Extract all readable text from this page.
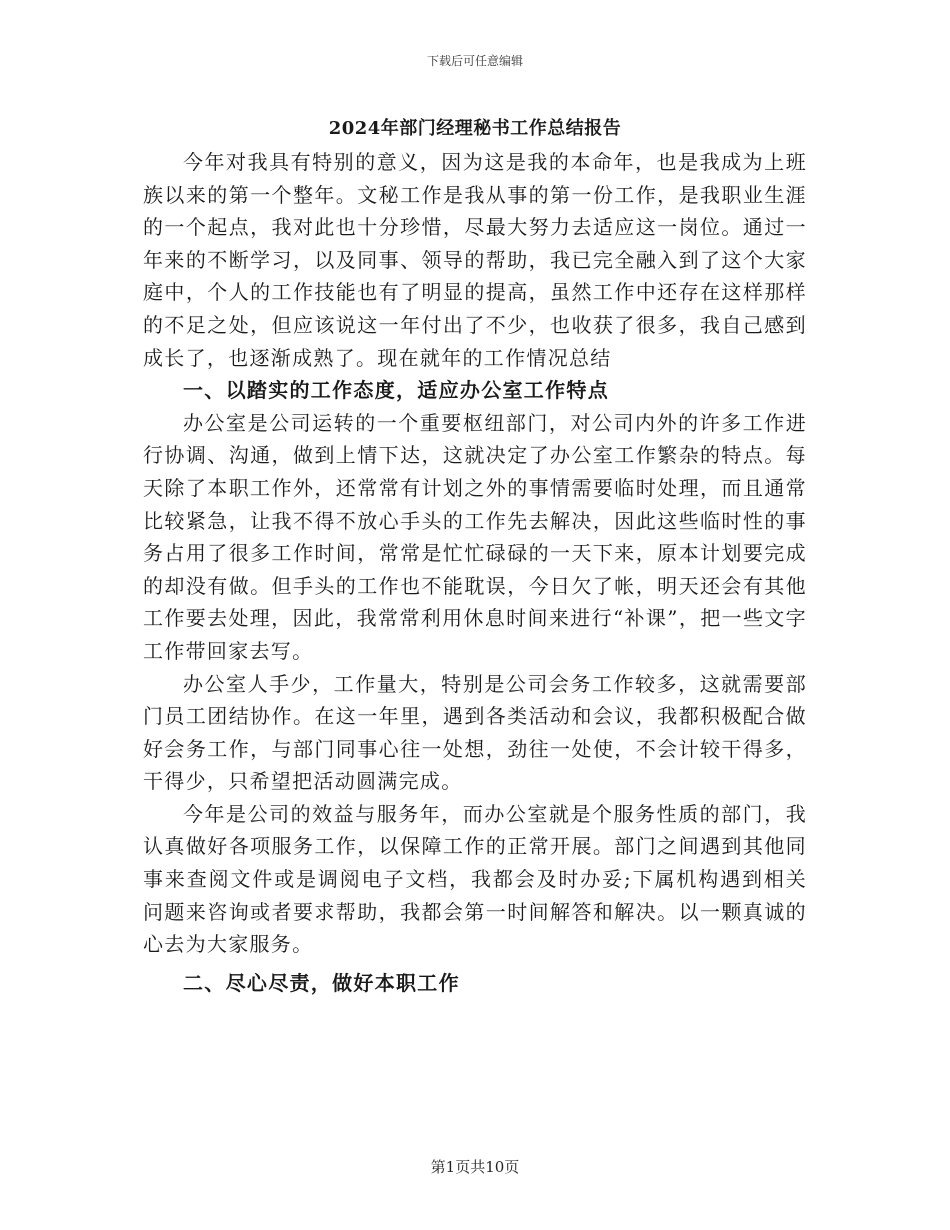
下载后可任意编辑
2024年部门经理秘书工作总结报告

今年对我具有特别的意义，因为这是我的本命年，也是我成为上班族以来的第一个整年。文秘工作是我从事的第一份工作，是我职业生涯的一个起点，我对此也十分珍惜，尽最大努力去适应这一岗位。通过一年来的不断学习，以及同事、领导的帮助，我已完全融入到了这个大家庭中，个人的工作技能也有了明显的提高，虽然工作中还存在这样那样的不足之处，但应该说这一年付出了不少，也收获了很多，我自己感到成长了，也逐渐成熟了。现在就年的工作情况总结

一、以踏实的工作态度，适应办公室工作特点

办公室是公司运转的一个重要枢纽部门，对公司内外的许多工作进行协调、沟通，做到上情下达，这就决定了办公室工作繁杂的特点。每天除了本职工作外，还常常有计划之外的事情需要临时处理，而且通常比较紧急，让我不得不放心手头的工作先去解决，因此这些临时性的事务占用了很多工作时间，常常是忙忙碌碌的一天下来，原本计划要完成的却没有做。但手头的工作也不能耽误，今日欠了帐，明天还会有其他工作要去处理，因此，我常常利用休息时间来进行“补课”，把一些文字工作带回家去写。

办公室人手少，工作量大，特别是公司会务工作较多，这就需要部门员工团结协作。在这一年里，遇到各类活动和会议，我都积极配合做好会务工作，与部门同事心往一处想，劲往一处使，不会计较干得多，干得少，只希望把活动圆满完成。

今年是公司的效益与服务年，而办公室就是个服务性质的部门，我认真做好各项服务工作，以保障工作的正常开展。部门之间遇到其他同事来查阅文件或是调阅电子文档，我都会及时办妥;下属机构遇到相关问题来咨询或者要求帮助，我都会第一时间解答和解决。以一颗真诚的心去为大家服务。

二、尽心尽责，做好本职工作

第1页共10页
